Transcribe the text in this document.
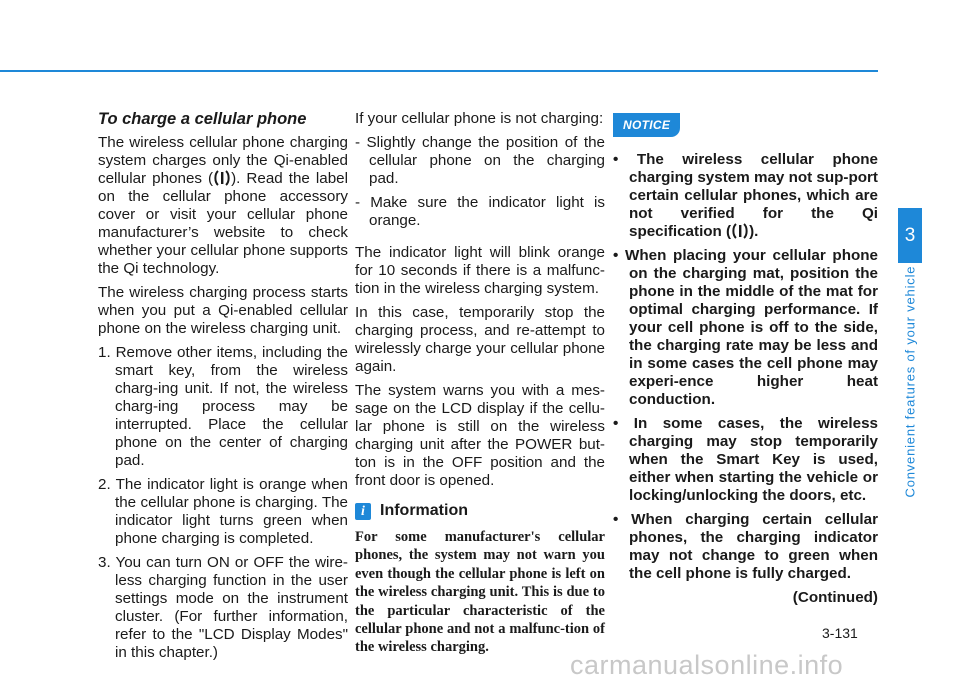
To charge a cellular phone

The wireless cellular phone charging system charges only the Qi-enabled cellular phones ( ). Read the label on the cellular phone accessory cover or visit your cellular phone manufacturer’s website to check whether your cellular phone supports the Qi technology.

The wireless charging process starts when you put a Qi-enabled cellular phone on the wireless charging unit.

1. Remove other items, including the smart key, from the wireless charg-ing unit. If not, the wireless charg-ing process may be interrupted. Place the cellular phone on the center of charging pad.

2. The indicator light is orange when the cellular phone is charging. The indicator light turns green when phone charging is completed.

3. You can turn ON or OFF the wire-less charging function in the user settings mode on the instrument cluster. (For further information, refer to the "LCD Display Modes" in this chapter.)

If your cellular phone is not charging:

- Slightly change the position of the cellular phone on the charging pad.

- Make sure the indicator light is orange.

The indicator light will blink orange for 10 seconds if there is a malfunc-tion in the wireless charging system.

In this case, temporarily stop the charging process, and re-attempt to wirelessly charge your cellular phone again.

The system warns you with a mes-sage on the LCD display if the cellu-lar phone is still on the wireless charging unit after the POWER but-ton is in the OFF position and the front door is opened.

i Information

For some manufacturer's cellular phones, the system may not warn you even though the cellular phone is left on the wireless charging unit. This is due to the particular characteristic of the cellular phone and not a malfunc-tion of the wireless charging.

NOTICE
• The wireless cellular phone charging system may not sup-port certain cellular phones, which are not verified for the Qi specification ( ).
• When placing your cellular phone on the charging mat, position the phone in the middle of the mat for optimal charging performance. If your cell phone is off to the side, the charging rate may be less and in some cases the cell phone may experi-ence higher heat conduction.
• In some cases, the wireless charging may stop temporarily when the Smart Key is used, either when starting the vehicle or locking/unlocking the doors, etc.
• When charging certain cellular phones, the charging indicator may not change to green when the cell phone is fully charged.

(Continued)

3
Convenient features of your vehicle
3-131
carmanualsonline.info
